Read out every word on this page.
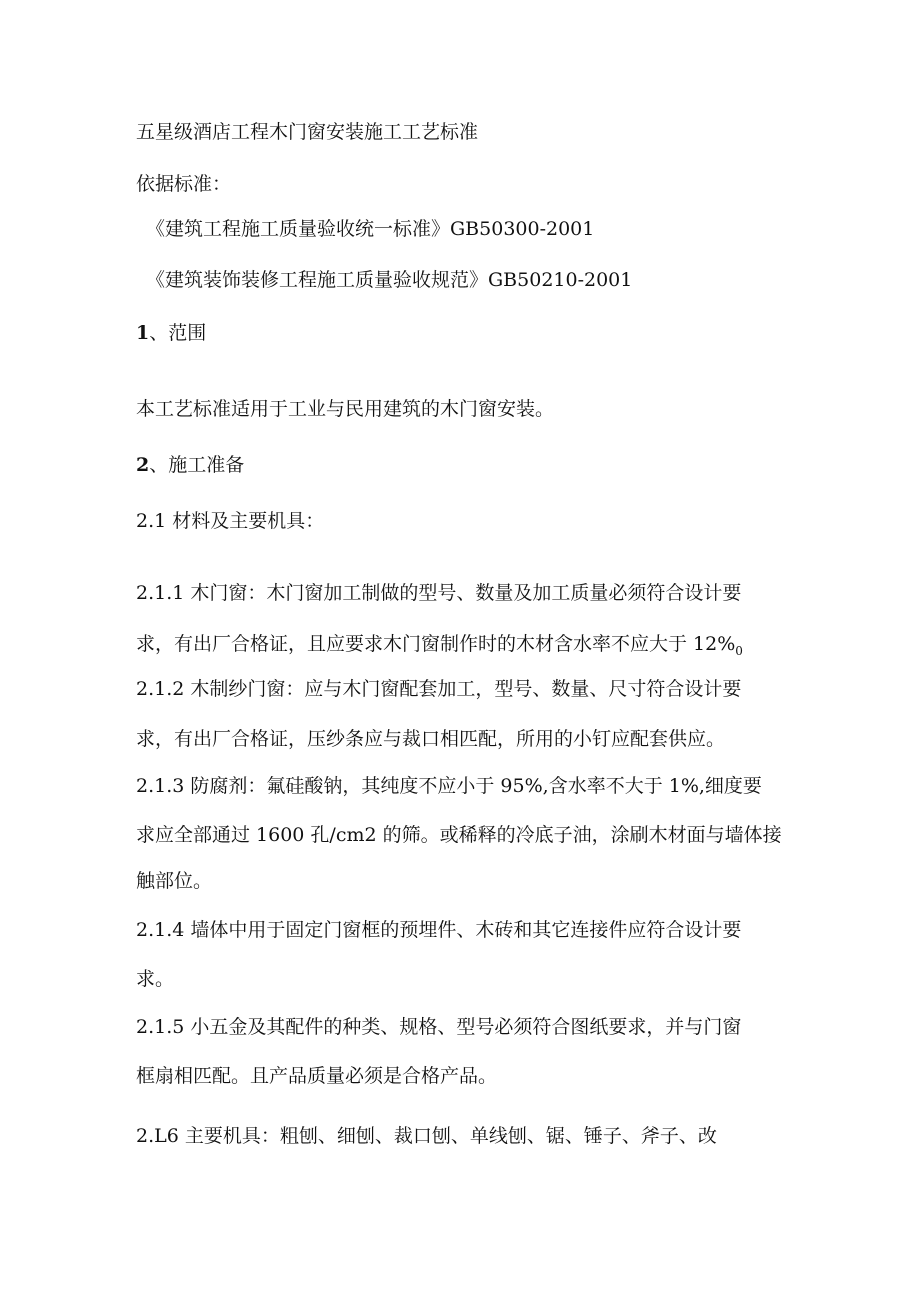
五星级酒店工程木门窗安装施工工艺标准

依据标准：

《建筑工程施工质量验收统一标准》GB50300-2001

《建筑装饰装修工程施工质量验收规范》GB50210-2001

1、范围

本工艺标准适用于工业与民用建筑的木门窗安装。

2、施工准备

2.1 材料及主要机具：

2.1.1 木门窗：木门窗加工制做的型号、数量及加工质量必须符合设计要

求，有出厂合格证，且应要求木门窗制作时的木材含水率不应大于 $12\%_0$

2.1.2 木制纱门窗：应与木门窗配套加工，型号、数量、尺寸符合设计要

求，有出厂合格证，压纱条应与裁口相匹配，所用的小钉应配套供应。

2.1.3 防腐剂：氟硅酸钠，其纯度不应小于 95%,含水率不大于 1%,细度要

求应全部通过 1600 孔/cm2 的筛。或稀释的冷底子油，涂刷木材面与墙体接

触部位。

2.1.4 墙体中用于固定门窗框的预埋件、木砖和其它连接件应符合设计要

求。

2.1.5 小五金及其配件的种类、规格、型号必须符合图纸要求，并与门窗

框扇相匹配。且产品质量必须是合格产品。

2.L6 主要机具：粗刨、细刨、裁口刨、单线刨、锯、锤子、斧子、改
